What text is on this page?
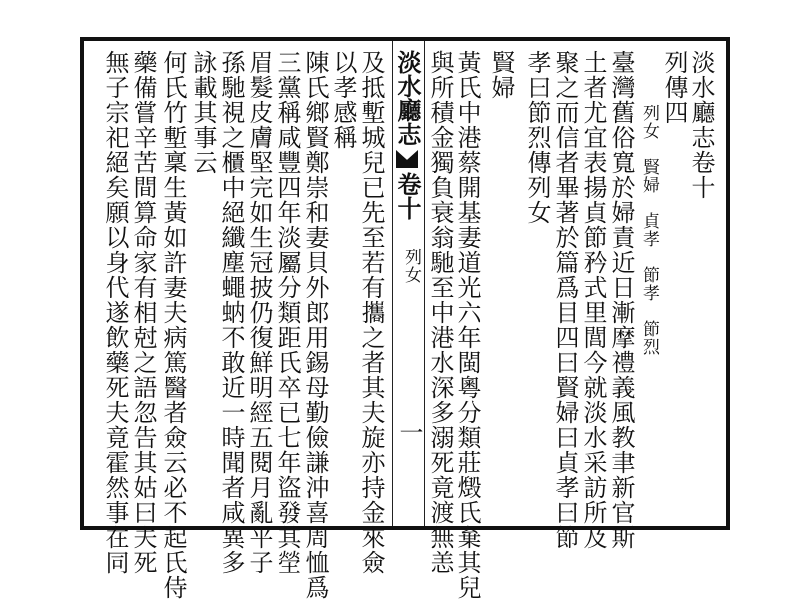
淡水廳志卷十
列傳四
列女　賢婦　貞孝　節孝　節烈
臺灣舊俗寬於婦責近日漸摩禮義風教聿新官斯
土者尤宜表揚貞節矜式里閭今就淡水采訪所及
聚之而信者畢著於篇爲目四曰賢婦曰貞孝曰節
孝曰節烈傳列女
賢婦
黃氏中港蔡開基妻道光六年閩粵分類莊燬氏棄其兒
與所積金獨負衰翁馳至中港水深多溺死竟渡無恙
淡水廳志卷十
列女
一
及抵塹城兒已先至若有攜之者其夫旋亦持金來僉
以孝感稱
陳氏鄉賢鄭崇和妻貝外郎用錫母勤儉謙沖喜周恤爲
三黨稱咸豐四年淡屬分類距氏卒已七年盜發其塋
眉髮皮膚堅完如生冠披仍復鮮明經五閱月亂平子
孫馳視之櫃中絕纖塵蠅蚋不敢近一時聞者咸異多
詠載其事云
何氏竹塹稟生黃如許妻夫病篤醫者僉云必不起氏侍
藥備嘗辛苦間算命家有相尅之語忽告其姑曰夫死
無子宗祀絕矣願以身代遂飲藥死夫竟霍然事在同
